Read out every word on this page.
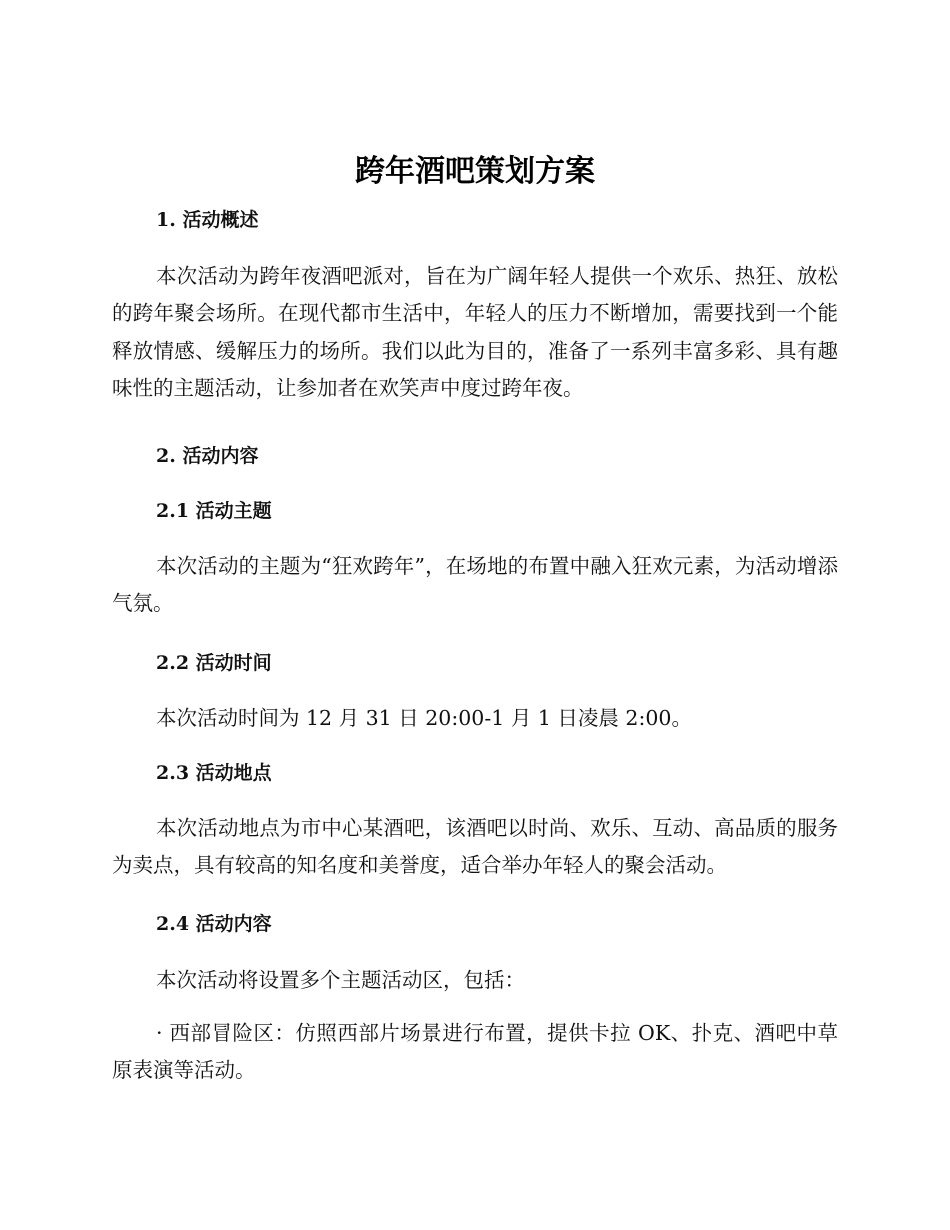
跨年酒吧策划方案
1. 活动概述

本次活动为跨年夜酒吧派对，旨在为广阔年轻人提供一个欢乐、热狂、放松的跨年聚会场所。在现代都市生活中，年轻人的压力不断增加，需要找到一个能释放情感、缓解压力的场所。我们以此为目的，准备了一系列丰富多彩、具有趣味性的主题活动，让参加者在欢笑声中度过跨年夜。

2. 活动内容
2.1 活动主题

本次活动的主题为“狂欢跨年”，在场地的布置中融入狂欢元素，为活动增添气氛。

2.2 活动时间

本次活动时间为 12 月 31 日 20:00-1 月 1 日凌晨 2:00。

2.3 活动地点

本次活动地点为市中心某酒吧，该酒吧以时尚、欢乐、互动、高品质的服务为卖点，具有较高的知名度和美誉度，适合举办年轻人的聚会活动。

2.4 活动内容

本次活动将设置多个主题活动区，包括：

· 西部冒险区：仿照西部片场景进行布置，提供卡拉 OK、扑克、酒吧中草原表演等活动。
